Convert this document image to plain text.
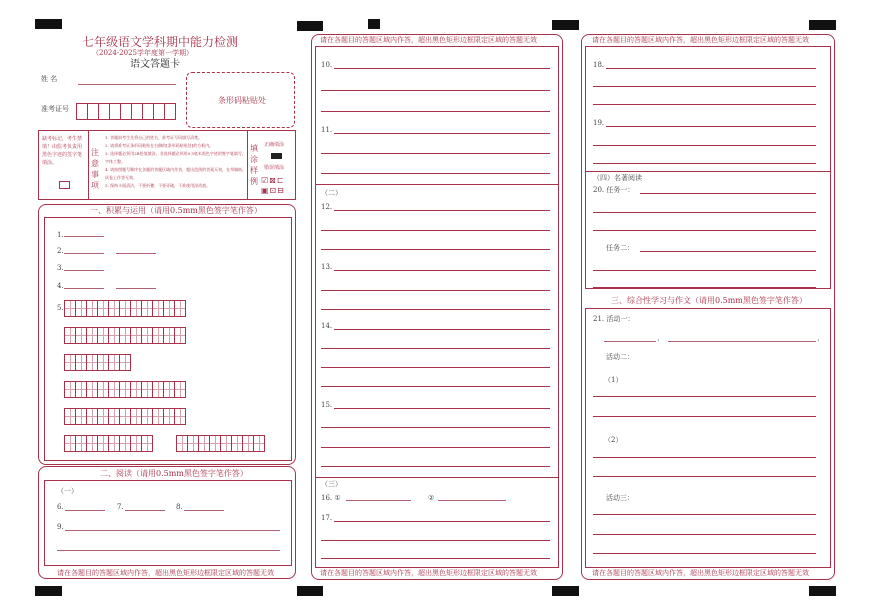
七年级语文学科期中能力检测
（2024-2025学年度第一学期）
语文答题卡
姓 名
准考证号
条形码粘贴处
缺考标记，考生禁填！由监考负责用黑色字迹的签字笔填涂。
注意事项
1. 答题前考生先将自己的姓名、准考证号码填写清楚。
2. 请将准考证条形码粘贴在右侧的[条形码粘贴处]的方框内。
3. 选择题必须用2B铅笔填涂，非选择题必须用0.5毫米黑色字迹的签字笔填写，字体工整。
4. 请按照题号顺序在各题的答题区域内作答，超出范围的答案无效，在草稿纸、试卷上作答无效。
5. 保持卡面清洁，不要折叠、不要弄破，不准使用涂改液。
填涂样例
正确填涂
错误填涂
☑⊠⊏
▣⊡⊟
一、积累与运用（请用0.5mm黑色签字笔作答）
1.
2.
3.
4.
5.
二、阅读（请用0.5mm黑色签字笔作答）
（一）
6.	7.	8.
9.
请在各题目的答题区域内作答，超出黑色矩形边框限定区域的答题无效
请在各题目的答题区域内作答，超出黑色矩形边框限定区域的答题无效
10.
11.
（二）
12.
13.
14.
15.
（三）
16. ①	②
17.
请在各题目的答题区域内作答，超出黑色矩形边框限定区域的答题无效
请在各题目的答题区域内作答，超出黑色矩形边框限定区域的答题无效
18.
19.
（四）名著阅读
20. 任务一：
任务二：
三、综合性学习与作文（请用0.5mm黑色签字笔作答）
21. 活动一：
，	，
活动二：
（1）
（2）
活动三：
请在各题目的答题区域内作答，超出黑色矩形边框限定区域的答题无效
